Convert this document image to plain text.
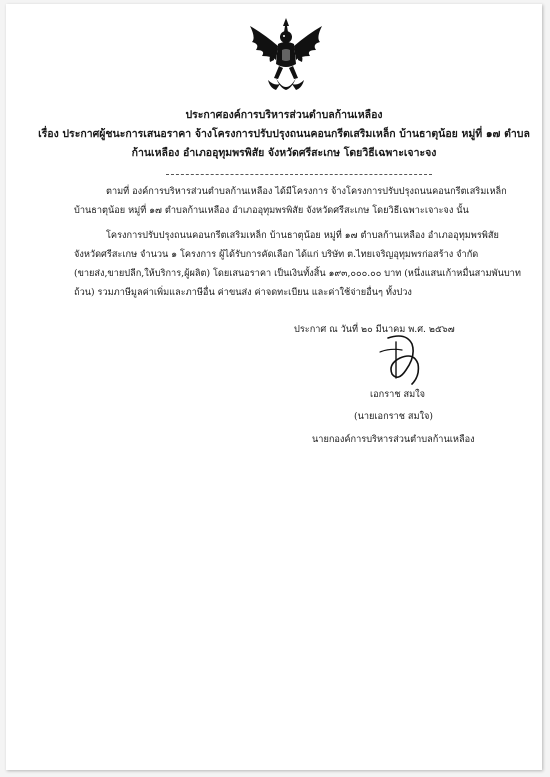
ประกาศองค์การบริหารส่วนตำบลก้านเหลือง
เรื่อง ประกาศผู้ชนะการเสนอราคา จ้างโครงการปรับปรุงถนนคอนกรีตเสริมเหล็ก บ้านธาตุน้อย หมู่ที่ ๑๗ ตำบล
ก้านเหลือง อำเภออุทุมพรพิสัย จังหวัดศรีสะเกษ โดยวิธีเฉพาะเจาะจง
ตามที่ องค์การบริหารส่วนตำบลก้านเหลือง ได้มีโครงการ จ้างโครงการปรับปรุงถนนคอนกรีตเสริมเหล็ก
บ้านธาตุน้อย หมู่ที่ ๑๗ ตำบลก้านเหลือง อำเภออุทุมพรพิสัย จังหวัดศรีสะเกษ โดยวิธีเฉพาะเจาะจง นั้น
โครงการปรับปรุงถนนคอนกรีตเสริมเหล็ก บ้านธาตุน้อย หมู่ที่ ๑๗ ตำบลก้านเหลือง อำเภออุทุมพรพิสัย
จังหวัดศรีสะเกษ จำนวน ๑ โครงการ ผู้ได้รับการคัดเลือก ได้แก่ บริษัท ต.ไทยเจริญอุทุมพรก่อสร้าง จำกัด
(ขายส่ง,ขายปลีก,ให้บริการ,ผู้ผลิต) โดยเสนอราคา เป็นเงินทั้งสิ้น ๑๙๓,๐๐๐.๐๐ บาท (หนึ่งแสนเก้าหมื่นสามพันบาท
ถ้วน) รวมภาษีมูลค่าเพิ่มและภาษีอื่น ค่าขนส่ง ค่าจดทะเบียน และค่าใช้จ่ายอื่นๆ ทั้งปวง
ประกาศ ณ วันที่ ๒๐ มีนาคม พ.ศ. ๒๕๖๗
เอกราช สมใจ
(นายเอกราช สมใจ)
นายกองค์การบริหารส่วนตำบลก้านเหลือง
